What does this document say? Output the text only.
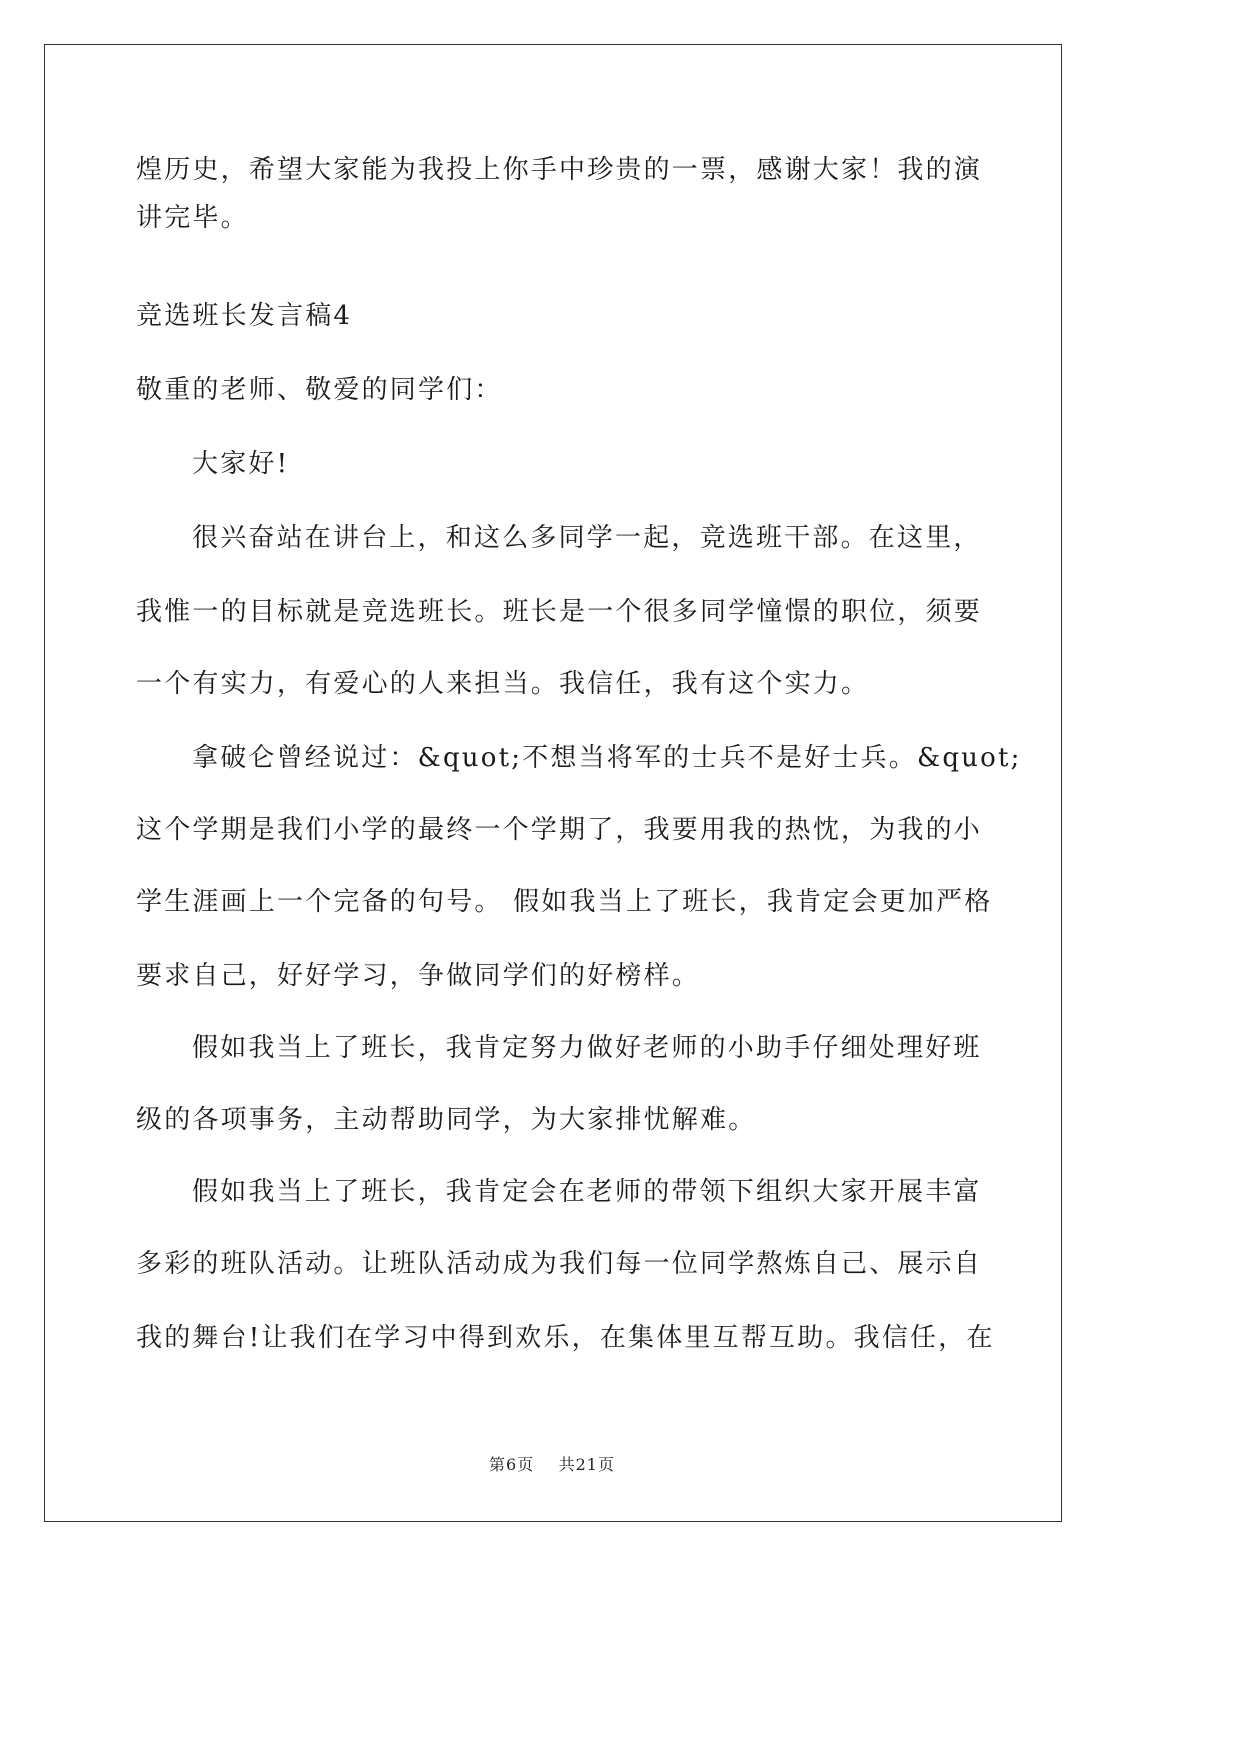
煌历史，希望大家能为我投上你手中珍贵的一票，感谢大家！我的演
讲完毕。
竞选班长发言稿4
敬重的老师、敬爱的同学们：
大家好!
很兴奋站在讲台上，和这么多同学一起，竞选班干部。在这里，
我惟一的目标就是竞选班长。班长是一个很多同学憧憬的职位，须要
一个有实力，有爱心的人来担当。我信任，我有这个实力。
拿破仑曾经说过：&quot;不想当将军的士兵不是好士兵。&quot;
这个学期是我们小学的最终一个学期了，我要用我的热忱，为我的小
学生涯画上一个完备的句号。 假如我当上了班长，我肯定会更加严格
要求自己，好好学习，争做同学们的好榜样。
假如我当上了班长，我肯定努力做好老师的小助手仔细处理好班
级的各项事务，主动帮助同学，为大家排忧解难。
假如我当上了班长，我肯定会在老师的带领下组织大家开展丰富
多彩的班队活动。让班队活动成为我们每一位同学熬炼自己、展示自
我的舞台!让我们在学习中得到欢乐，在集体里互帮互助。我信任，在
第6页 共21页
